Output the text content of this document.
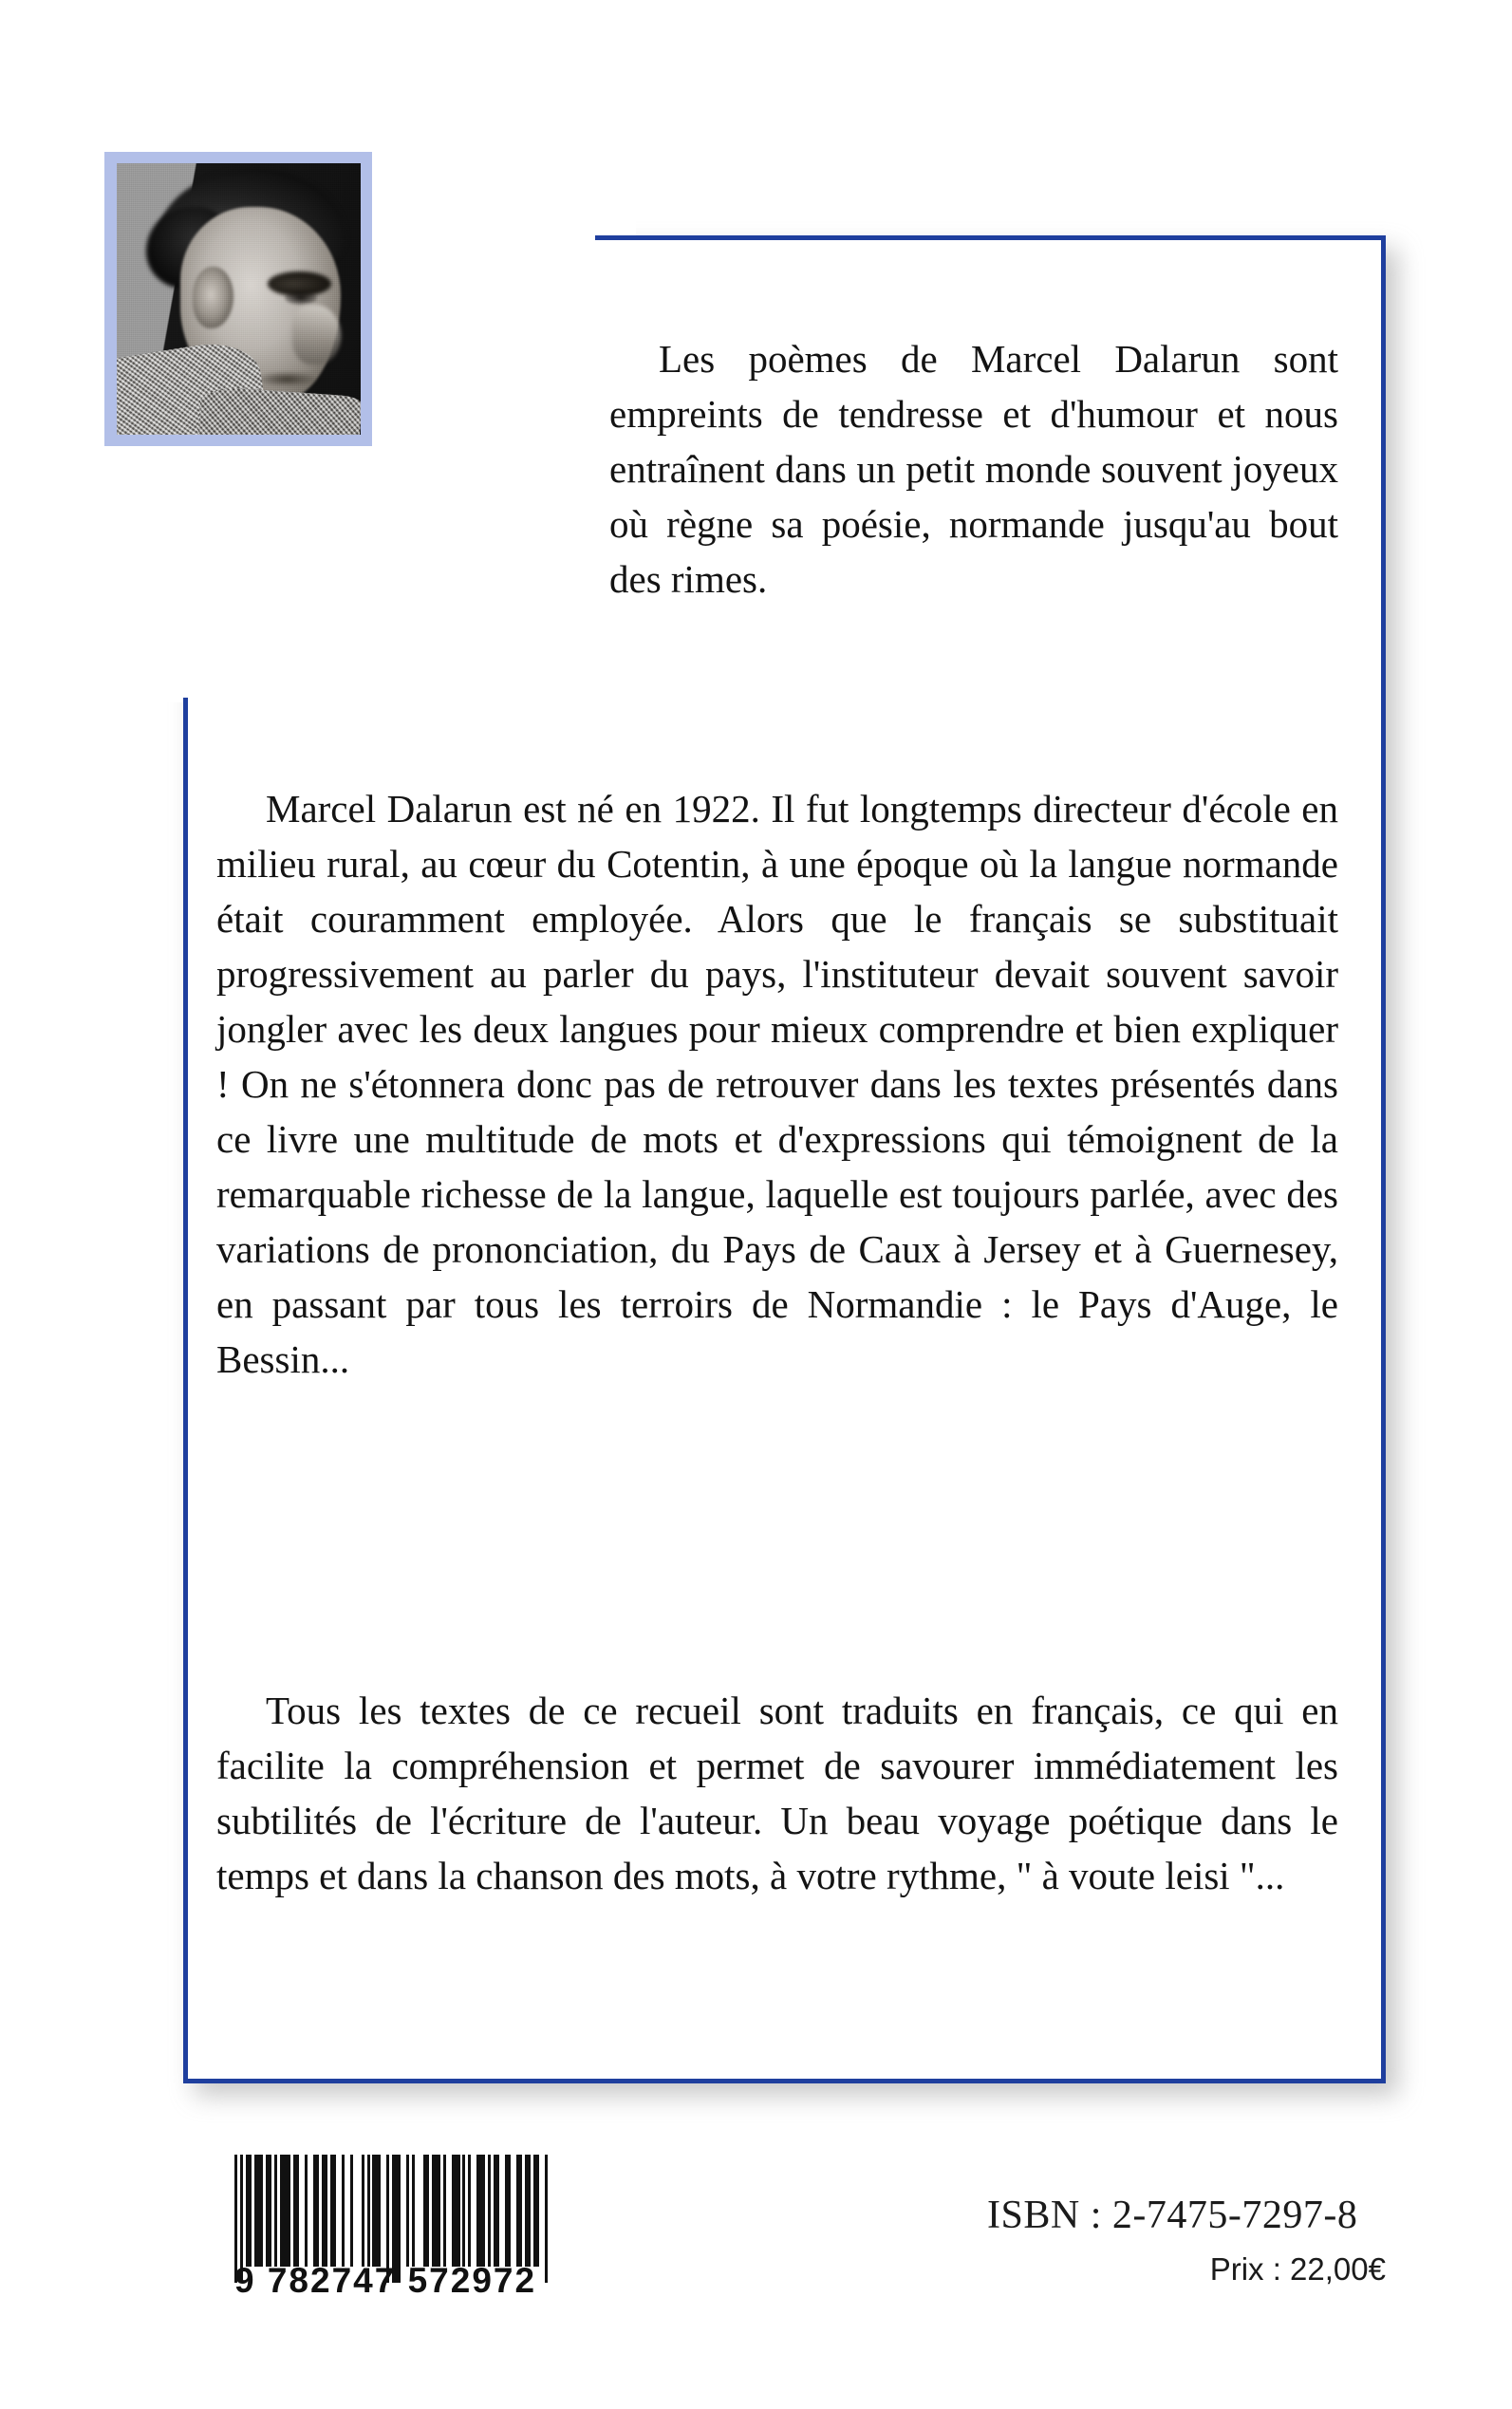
Les poèmes de Marcel Dalarun sont empreints de tendresse et d'humour et nous entraînent dans un petit monde souvent joyeux où règne sa poésie, normande jusqu'au bout des rimes.

Marcel Dalarun est né en 1922. Il fut longtemps directeur d'école en milieu rural, au cœur du Cotentin, à une époque où la langue normande était couramment employée. Alors que le français se substituait progressivement au parler du pays, l'instituteur devait souvent savoir jongler avec les deux langues pour mieux comprendre et bien expliquer ! On ne s'étonnera donc pas de retrouver dans les textes présentés dans ce livre une multitude de mots et d'expressions qui témoignent de la remarquable richesse de la langue, laquelle est toujours parlée, avec des variations de prononciation, du Pays de Caux à Jersey et à Guernesey, en passant par tous les terroirs de Normandie : le Pays d'Auge, le Bessin...

Tous les textes de ce recueil sont traduits en français, ce qui en facilite la compréhension et permet de savourer immédiatement les subtilités de l'écriture de l'auteur. Un beau voyage poétique dans le temps et dans la chanson des mots, à votre rythme, " à voute leisi "...

9 782747 572972
ISBN : 2-7475-7297-8
Prix : 22,00€
